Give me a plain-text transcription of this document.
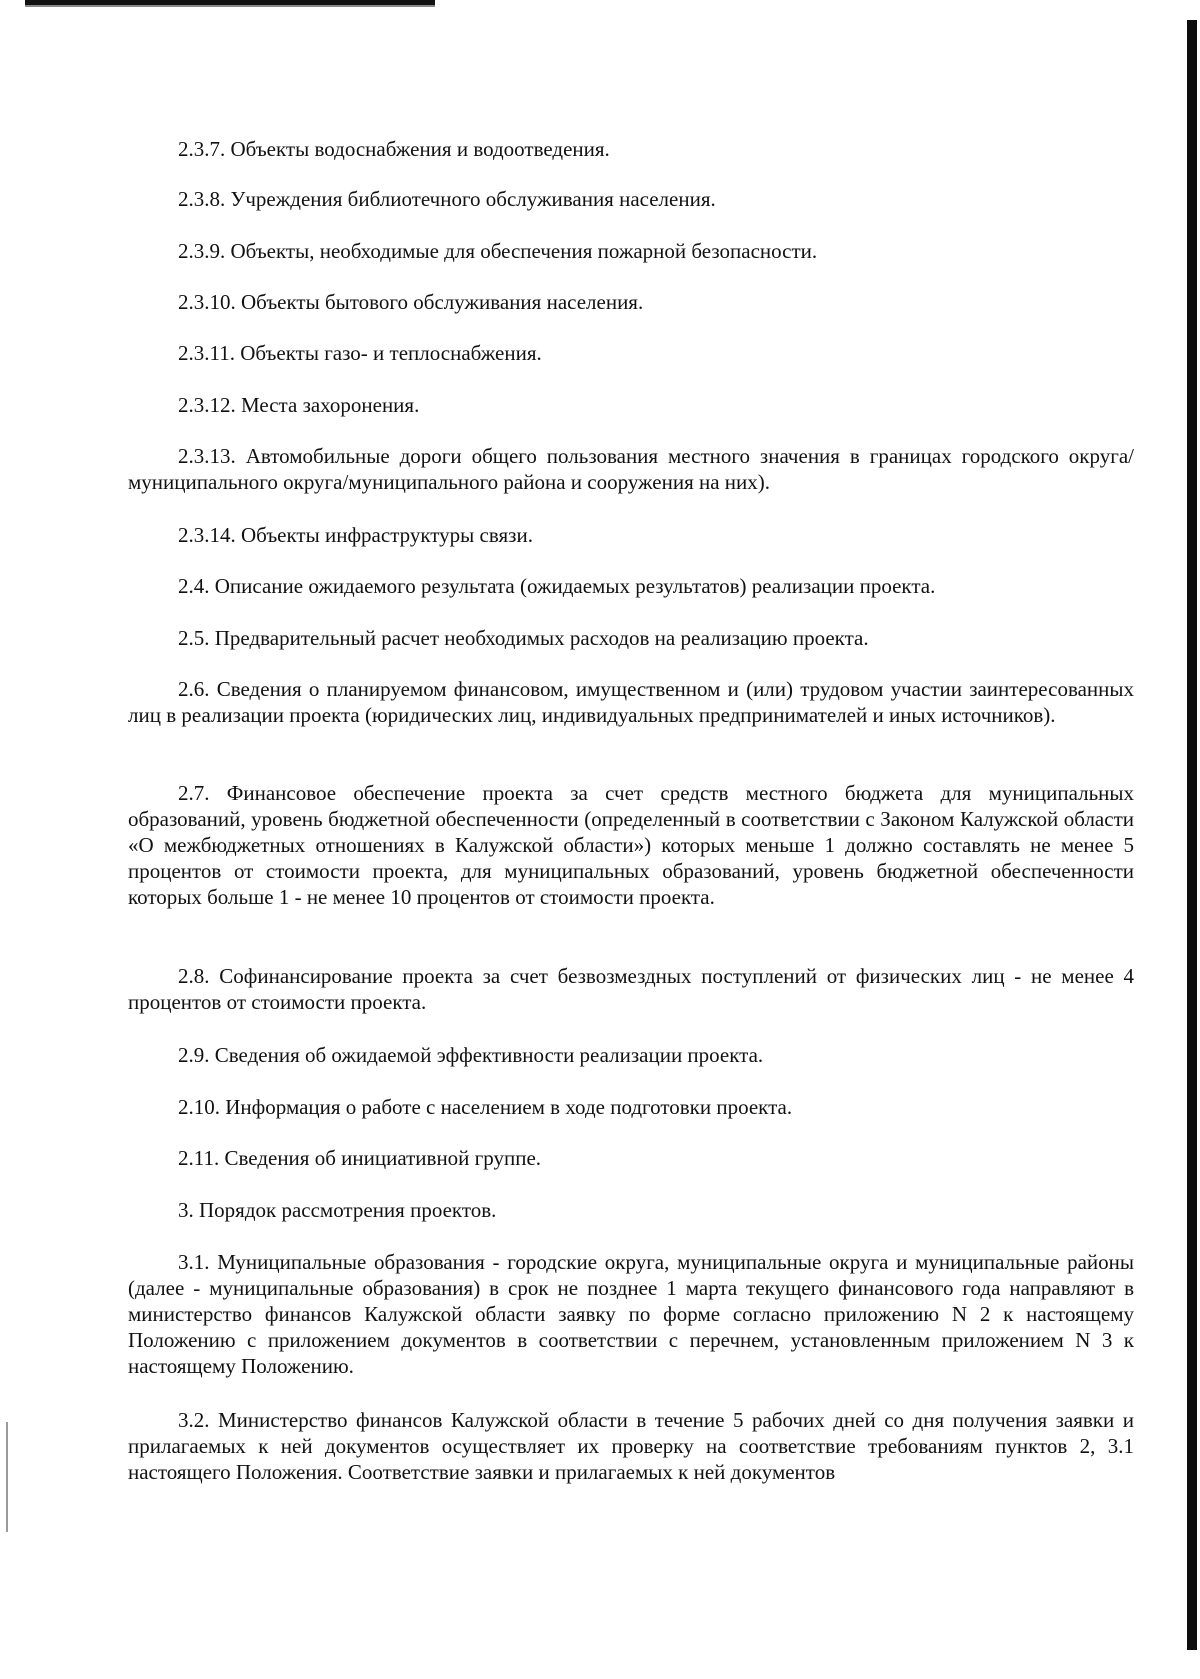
2.3.7. Объекты водоснабжения и водоотведения.

2.3.8. Учреждения библиотечного обслуживания населения.

2.3.9. Объекты, необходимые для обеспечения пожарной безопасности.

2.3.10. Объекты бытового обслуживания населения.

2.3.11. Объекты газо- и теплоснабжения.

2.3.12. Места захоронения.

2.3.13. Автомобильные дороги общего пользования местного значения в границах городского округа/муниципального округа/муниципального района и сооружения на них).

2.3.14. Объекты инфраструктуры связи.

2.4. Описание ожидаемого результата (ожидаемых результатов) реализации проекта.

2.5. Предварительный расчет необходимых расходов на реализацию проекта.

2.6. Сведения о планируемом финансовом, имущественном и (или) трудовом участии заинтересованных лиц в реализации проекта (юридических лиц, индивидуальных предпринимателей и иных источников).

2.7. Финансовое обеспечение проекта за счет средств местного бюджета для муниципальных образований, уровень бюджетной обеспеченности (определенный в соответствии с Законом Калужской области «О межбюджетных отношениях в Калужской области») которых меньше 1 должно составлять не менее 5 процентов от стоимости проекта, для муниципальных образований, уровень бюджетной обеспеченности которых больше 1 - не менее 10 процентов от стоимости проекта.

2.8. Софинансирование проекта за счет безвозмездных поступлений от физических лиц - не менее 4 процентов от стоимости проекта.

2.9. Сведения об ожидаемой эффективности реализации проекта.

2.10. Информация о работе с населением в ходе подготовки проекта.

2.11. Сведения об инициативной группе.

3. Порядок рассмотрения проектов.

3.1. Муниципальные образования - городские округа, муниципальные округа и муниципальные районы (далее - муниципальные образования) в срок не позднее 1 марта текущего финансового года направляют в министерство финансов Калужской области заявку по форме согласно приложению N 2 к настоящему Положению с приложением документов в соответствии с перечнем, установленным приложением N 3 к настоящему Положению.

3.2. Министерство финансов Калужской области в течение 5 рабочих дней со дня получения заявки и прилагаемых к ней документов осуществляет их проверку на соответствие требованиям пунктов 2, 3.1 настоящего Положения. Соответствие заявки и прилагаемых к ней документов
